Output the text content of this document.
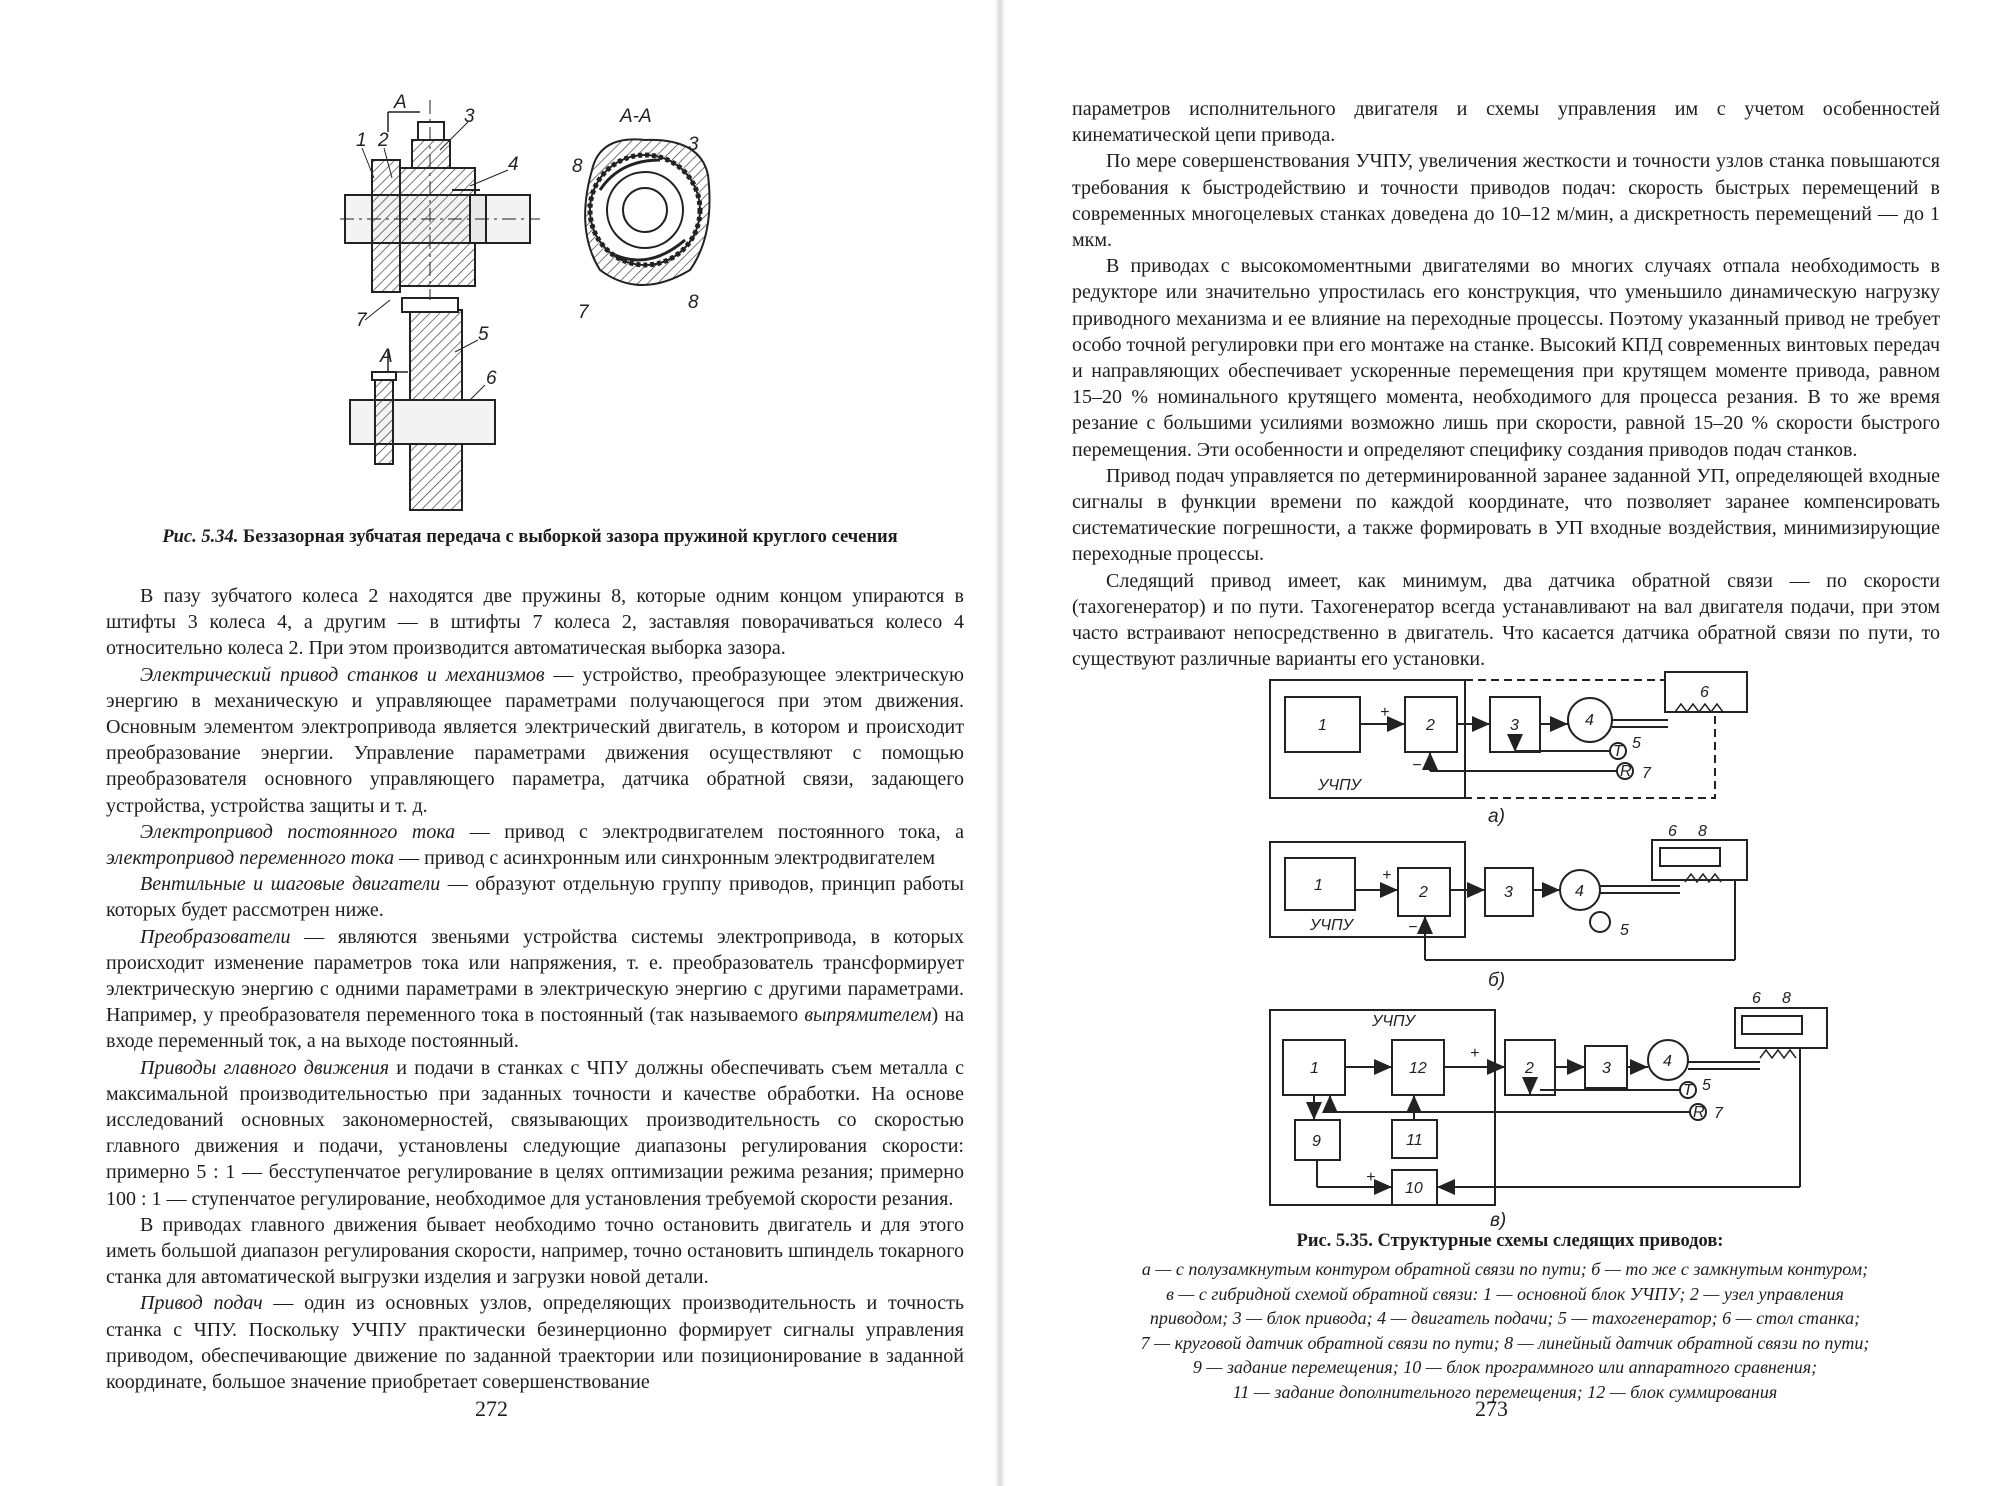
А
А
1 2
3
4
7
5
6
А-А
3
8
8
7
Рис. 5.34. Беззазорная зубчатая передача с выборкой зазора пружиной круглого сечения

В пазу зубчатого колеса 2 находятся две пружины 8, которые одним концом упираются в штифты 3 колеса 4, а другим — в штифты 7 колеса 2, заставляя поворачиваться колесо 4 относительно колеса 2. При этом производится автоматическая выборка зазора.

Электрический привод станков и механизмов — устройство, преобразующее электрическую энергию в механическую и управляющее параметрами получающегося при этом движения. Основным элементом электропривода является электрический двигатель, в котором и происходит преобразование энергии. Управление параметрами движения осуществляют с помощью преобразователя основного управляющего параметра, датчика обратной связи, задающего устройства, устройства защиты и т. д.

Электропривод постоянного тока — привод с электродвигателем постоянного тока, а электропривод переменного тока — привод с асинхронным или синхронным электродвигателем

Вентильные и шаговые двигатели — образуют отдельную группу приводов, принцип работы которых будет рассмотрен ниже.

Преобразователи — являются звеньями устройства системы электропривода, в которых происходит изменение параметров тока или напряжения, т. е. преобразователь трансформирует электрическую энергию с одними параметрами в электрическую энергию с другими параметрами. Например, у преобразователя переменного тока в постоянный (так называемого выпрямителем) на входе переменный ток, а на выходе постоянный.

Приводы главного движения и подачи в станках с ЧПУ должны обеспечивать съем металла с максимальной производительностью при заданных точности и качестве обработки. На основе исследований основных закономерностей, связывающих производительность со скоростью главного движения и подачи, установлены следующие диапазоны регулирования скорости: примерно 5 : 1 — бесступенчатое регулирование в целях оптимизации режима резания; примерно 100 : 1 — ступенчатое регулирование, необходимое для установления требуемой скорости резания.

В приводах главного движения бывает необходимо точно остановить двигатель и для этого иметь большой диапазон регулирования скорости, например, точно остановить шпиндель токарного станка для автоматической выгрузки изделия и загрузки новой детали.

Привод подач — один из основных узлов, определяющих производительность и точность станка с ЧПУ. Поскольку УЧПУ практически безинерционно формирует сигналы управления приводом, обеспечивающие движение по заданной траектории или позиционирование в заданной координате, большое значение приобретает совершенствование

272

параметров исполнительного двигателя и схемы управления им с учетом особенностей кинематической цепи привода.

По мере совершенствования УЧПУ, увеличения жесткости и точности узлов станка повышаются требования к быстродействию и точности приводов подач: скорость быстрых перемещений в современных многоцелевых станках доведена до 10–12 м/мин, а дискретность перемещений — до 1 мкм.

В приводах с высокомоментными двигателями во многих случаях отпала необходимость в редукторе или значительно упростилась его конструкция, что уменьшило динамическую нагрузку приводного механизма и ее влияние на переходные процессы. Поэтому указанный привод не требует особо точной регулировки при его монтаже на станке. Высокий КПД современных винтовых передач и направляющих обеспечивает ускоренные перемещения при крутящем моменте привода, равном 15–20 % номинального крутящего момента, необходимого для процесса резания. В то же время резание с большими усилиями возможно лишь при скорости, равной 15–20 % скорости быстрого перемещения. Эти особенности и определяют специфику создания приводов подач станков.

Привод подач управляется по детерминированной заранее заданной УП, определяющей входные сигналы в функции времени по каждой координате, что позволяет заранее компенсировать систематические погрешности, а также формировать в УП входные воздействия, минимизирующие переходные процессы.

Следящий привод имеет, как минимум, два датчика обратной связи — по скорости (тахогенератор) и по пути. Тахогенератор всегда устанавливают на вал двигателя подачи, при этом часто встраивают непосредственно в двигатель. Что касается датчика обратной связи по пути, то существуют различные варианты его установки.

1	2	3	4
Т
R
5
7
6
+
−
УЧПУ
а)
1	2	3	4
5
6 8
+
−
УЧПУ
б)
УЧПУ
1	12	2	3	4
Т
R
5
7
9	11
10
6 8
+
+
−
в)
Рис. 5.35. Структурные схемы следящих приводов:
а — с полузамкнутым контуром обратной связи по пути; б — то же с замкнутым контуром;
в — с гибридной схемой обратной связи: 1 — основной блок УЧПУ; 2 — узел управления
приводом; 3 — блок привода; 4 — двигатель подачи; 5 — тахогенератор; 6 — стол станка;
7 — круговой датчик обратной связи по пути; 8 — линейный датчик обратной связи по пути;
9 — задание перемещения; 10 — блок программного или аппаратного сравнения;
11 — задание дополнительного перемещения; 12 — блок суммирования
273
